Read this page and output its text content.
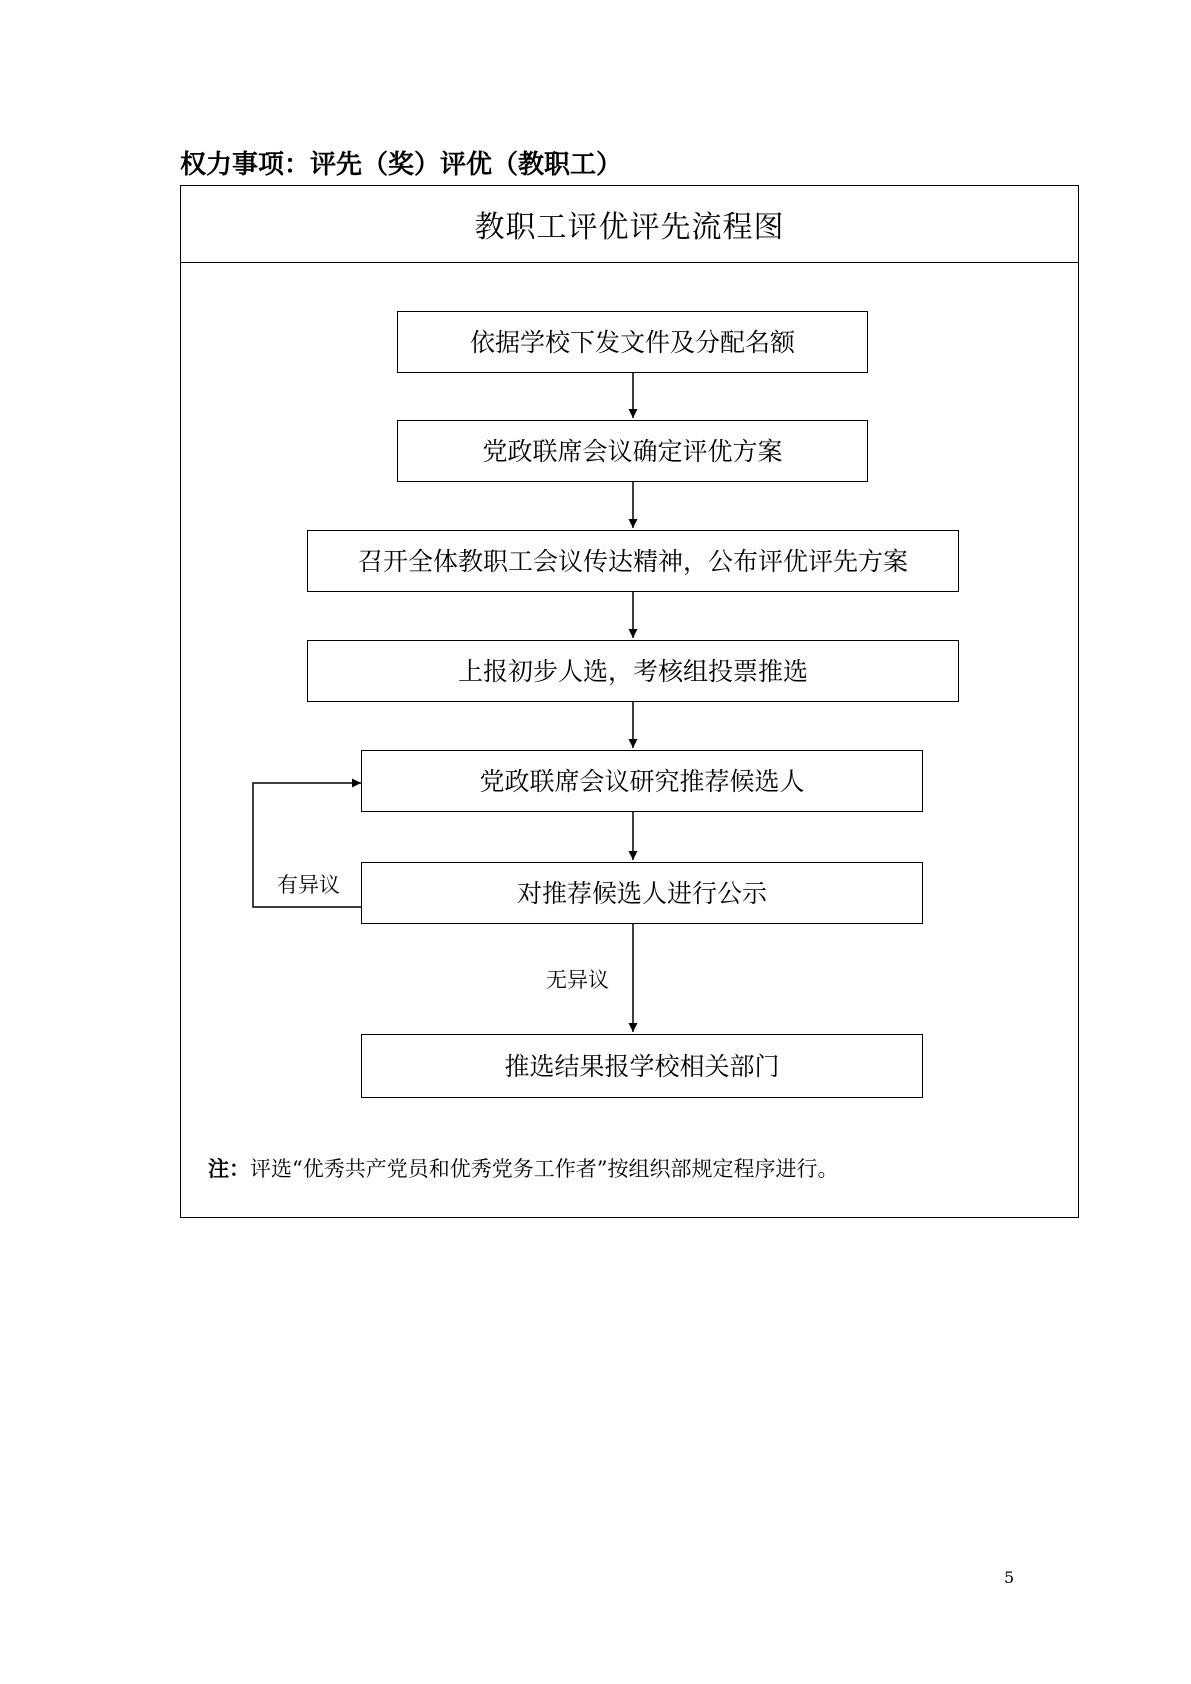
权力事项：评先（奖）评优（教职工）
教职工评优评先流程图
依据学校下发文件及分配名额
党政联席会议确定评优方案
召开全体教职工会议传达精神，公布评优评先方案
上报初步人选，考核组投票推选
党政联席会议研究推荐候选人
对推荐候选人进行公示
推选结果报学校相关部门
有异议
无异议
注：评选“优秀共产党员和优秀党务工作者”按组织部规定程序进行。
5
